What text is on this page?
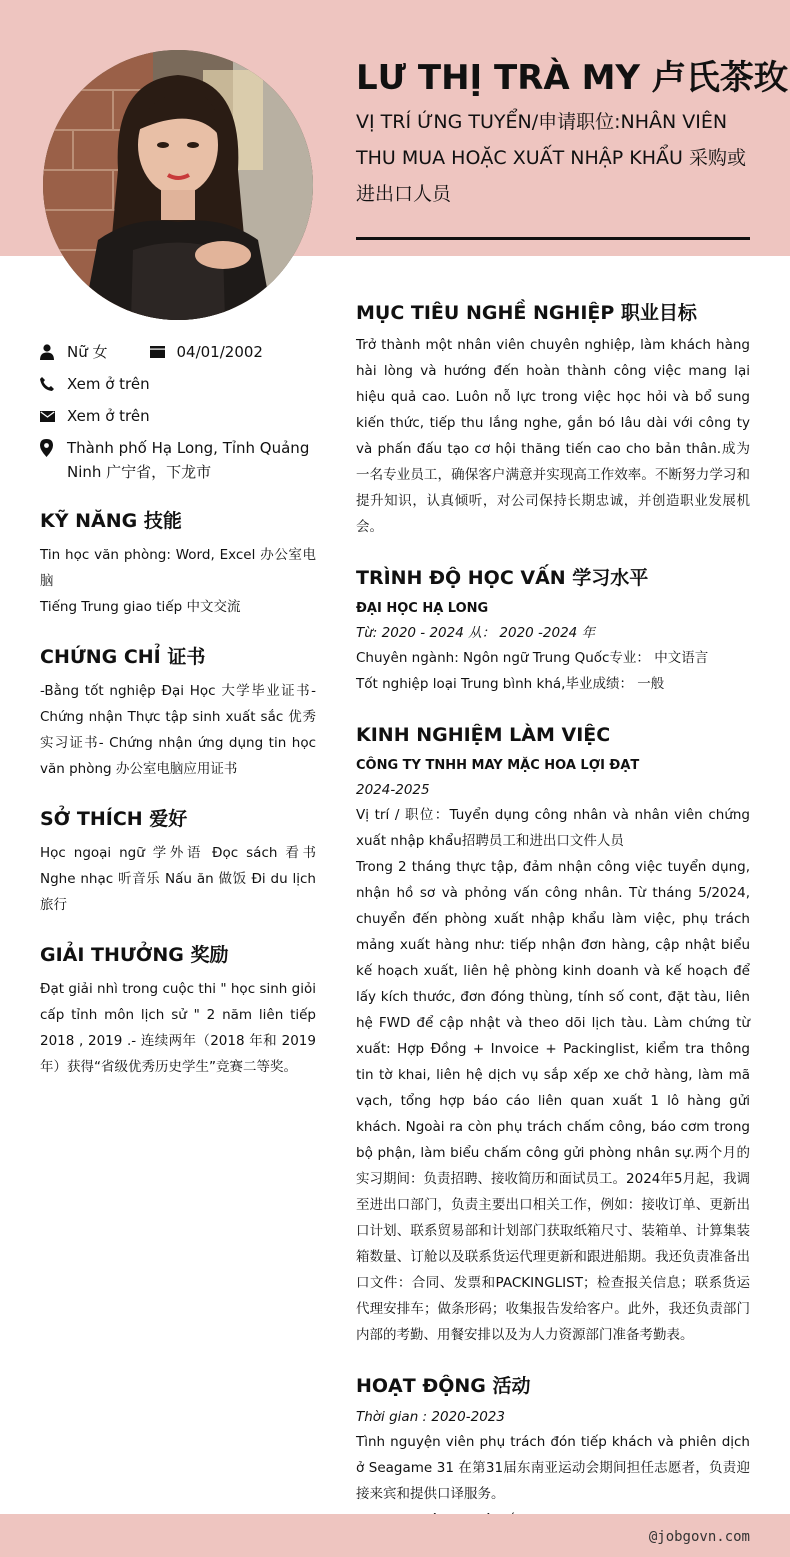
LƯ THỊ TRÀ MY 卢氏茶玫
VỊ TRÍ ỨNG TUYỂN/申请职位:NHÂN VIÊN THU MUA HOẶC XUẤT NHẬP KHẨU 采购或进出口人员
Nữ 女	04/01/2002
Xem ở trên
Xem ở trên
Thành phố Hạ Long, Tỉnh Quảng Ninh 广宁省，下龙市
KỸ NĂNG 技能
Tin học văn phòng: Word, Excel 办公室电脑
Tiếng Trung giao tiếp 中文交流
CHỨNG CHỈ 证书
-Bằng tốt nghiệp Đại Học 大学毕业证书- Chứng nhận Thực tập sinh xuất sắc 优秀实习证书- Chứng nhận ứng dụng tin học văn phòng 办公室电脑应用证书
SỞ THÍCH 爱好
Học ngoại ngữ 学外语 Đọc sách 看书 Nghe nhạc 听音乐 Nấu ăn 做饭 Đi du lịch 旅行
GIẢI THƯỞNG 奖励
Đạt giải nhì trong cuộc thi " học sinh giỏi cấp tỉnh môn lịch sử " 2 năm liên tiếp 2018 , 2019 .- 连续两年（2018 年和 2019 年）获得“省级优秀历史学生”竞赛二等奖。
MỤC TIÊU NGHỀ NGHIỆP 职业目标
Trở thành một nhân viên chuyên nghiệp, làm khách hàng hài lòng và hướng đến hoàn thành công việc mang lại hiệu quả cao. Luôn nỗ lực trong việc học hỏi và bổ sung kiến thức, tiếp thu lắng nghe, gắn bó lâu dài với công ty và phấn đấu tạo cơ hội thăng tiến cao cho bản thân.成为一名专业员工，确保客户满意并实现高工作效率。不断努力学习和提升知识，认真倾听，对公司保持长期忠诚，并创造职业发展机会。
TRÌNH ĐỘ HỌC VẤN 学习水平
ĐẠI HỌC HẠ LONG
Từ: 2020 - 2024 从： 2020 -2024 年
Chuyên ngành: Ngôn ngữ Trung Quốc专业： 中文语言
Tốt nghiệp loại Trung bình khá,毕业成绩： 一般
KINH NGHIỆM LÀM VIỆC
CÔNG TY TNHH MAY MẶC HOA LỢI ĐẠT
2024-2025
Vị trí / 职位：Tuyển dụng công nhân và nhân viên chứng xuất nhập khẩu招聘员工和进出口文件人员
Trong 2 tháng thực tập, đảm nhận công việc tuyển dụng, nhận hồ sơ và phỏng vấn công nhân. Từ tháng 5/2024, chuyển đến phòng xuất nhập khẩu làm việc, phụ trách mảng xuất hàng như: tiếp nhận đơn hàng, cập nhật biểu kế hoạch xuất, liên hệ phòng kinh doanh và kế hoạch để lấy kích thước, đơn đóng thùng, tính số cont, đặt tàu, liên hệ FWD để cập nhật và theo dõi lịch tàu. Làm chứng từ xuất: Hợp Đồng + Invoice + Packinglist, kiểm tra thông tin tờ khai, liên hệ dịch vụ sắp xếp xe chở hàng, làm mã vạch, tổng hợp báo cáo liên quan xuất 1 lô hàng gửi khách. Ngoài ra còn phụ trách chấm công, báo cơm trong bộ phận, làm biểu chấm công gửi phòng nhân sự.两个月的实习期间：负责招聘、接收简历和面试员工。2024年5月起，我调至进出口部门，负责主要出口相关工作，例如：接收订单、更新出口计划、联系贸易部和计划部门获取纸箱尺寸、装箱单、计算集装箱数量、订舱以及联系货运代理更新和跟进船期。我还负责准备出口文件：合同、发票和PACKINGLIST；检查报关信息；联系货运代理安排车；做条形码；收集报告发给客户。此外，我还负责部门内部的考勤、用餐安排以及为人力资源部门准备考勤表。
HOẠT ĐỘNG 活动
Thời gian : 2020-2023
Tình nguyện viên phụ trách đón tiếp khách và phiên dịch ở Seagame 31 在第31届东南亚运动会期间担任志愿者，负责迎接来宾和提供口译服务。
@jobgovn.com
